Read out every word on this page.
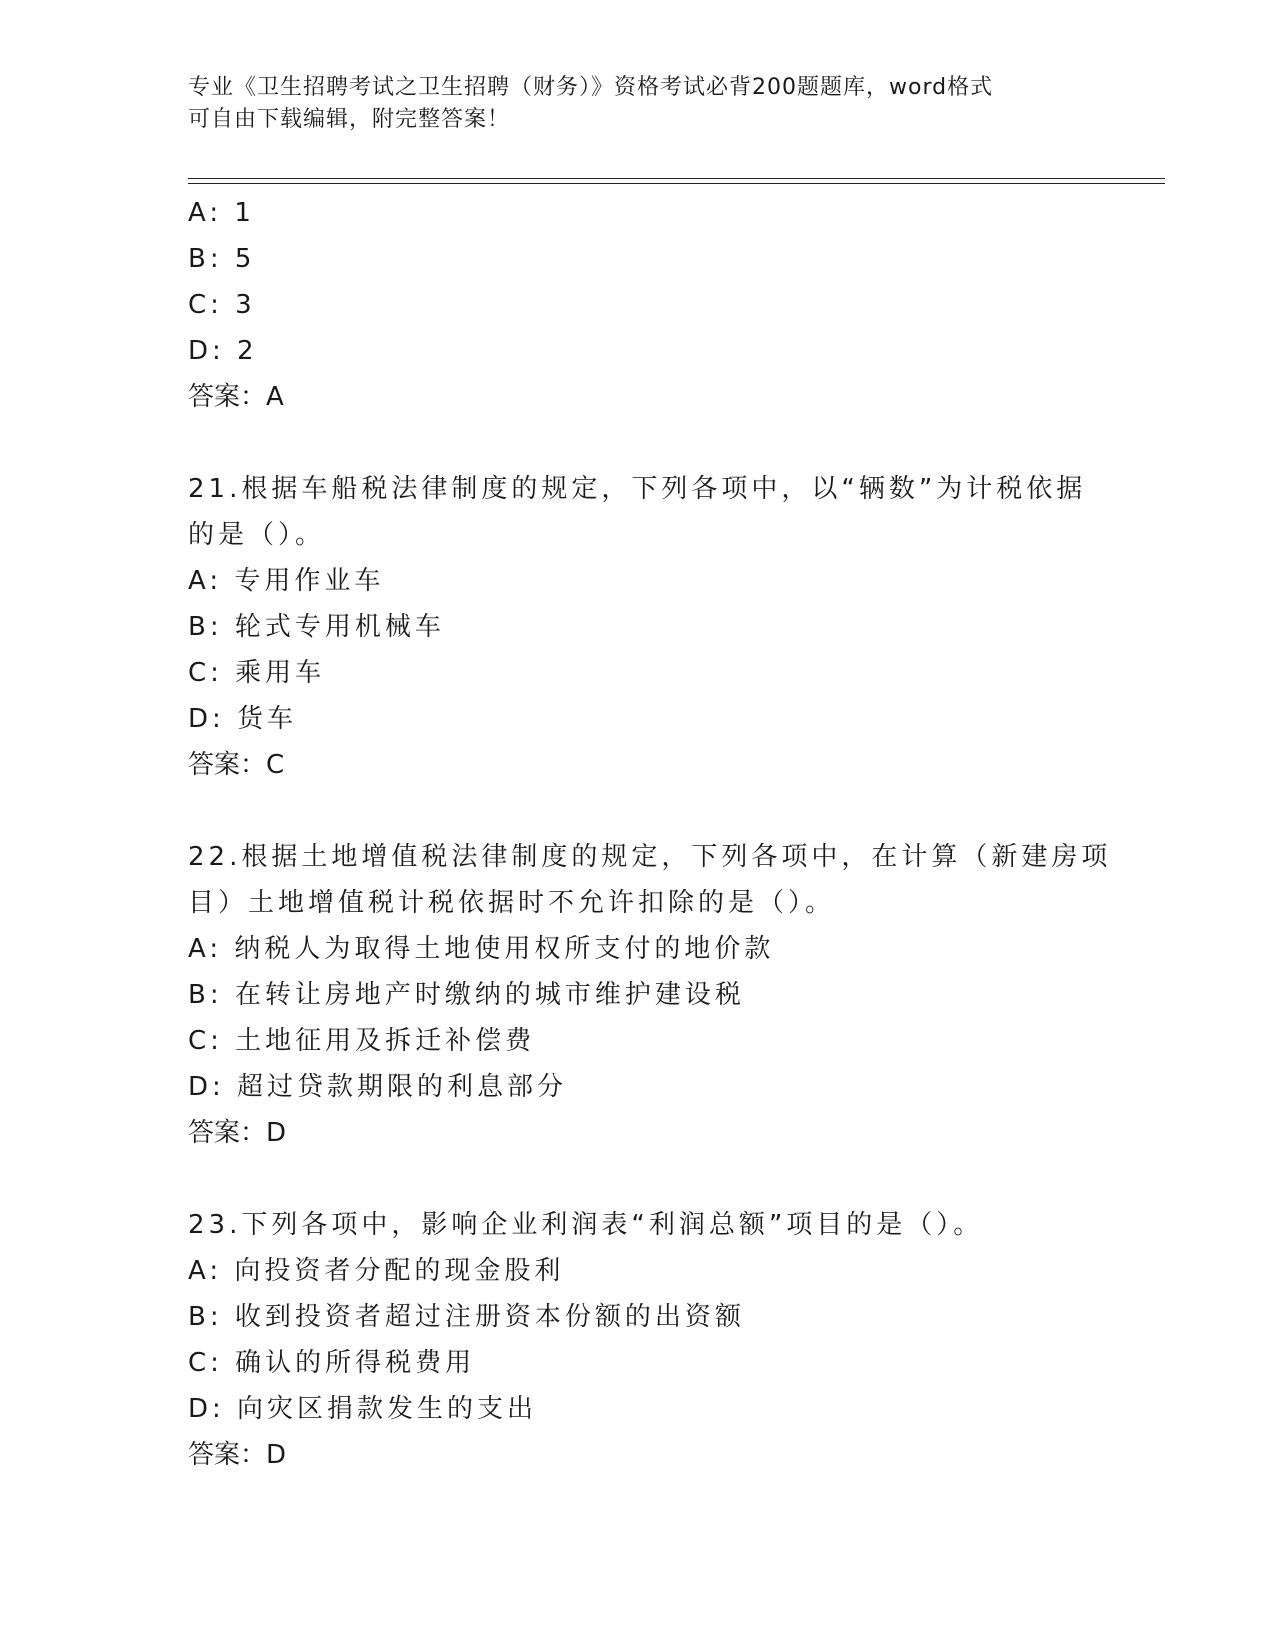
专业《卫生招聘考试之卫生招聘（财务）》资格考试必背200题题库，word格式
可自由下载编辑，附完整答案！
A: 1
B: 5
C: 3
D: 2
答案：A
21.根据车船税法律制度的规定，下列各项中，以“辆数”为计税依据
的是（）。
A: 专用作业车
B: 轮式专用机械车
C: 乘用车
D: 货车
答案：C
22.根据土地增值税法律制度的规定，下列各项中，在计算（新建房项
目）土地增值税计税依据时不允许扣除的是（）。
A: 纳税人为取得土地使用权所支付的地价款
B: 在转让房地产时缴纳的城市维护建设税
C: 土地征用及拆迁补偿费
D: 超过贷款期限的利息部分
答案：D
23.下列各项中，影响企业利润表“利润总额”项目的是（）。
A: 向投资者分配的现金股利
B: 收到投资者超过注册资本份额的出资额
C: 确认的所得税费用
D: 向灾区捐款发生的支出
答案：D
